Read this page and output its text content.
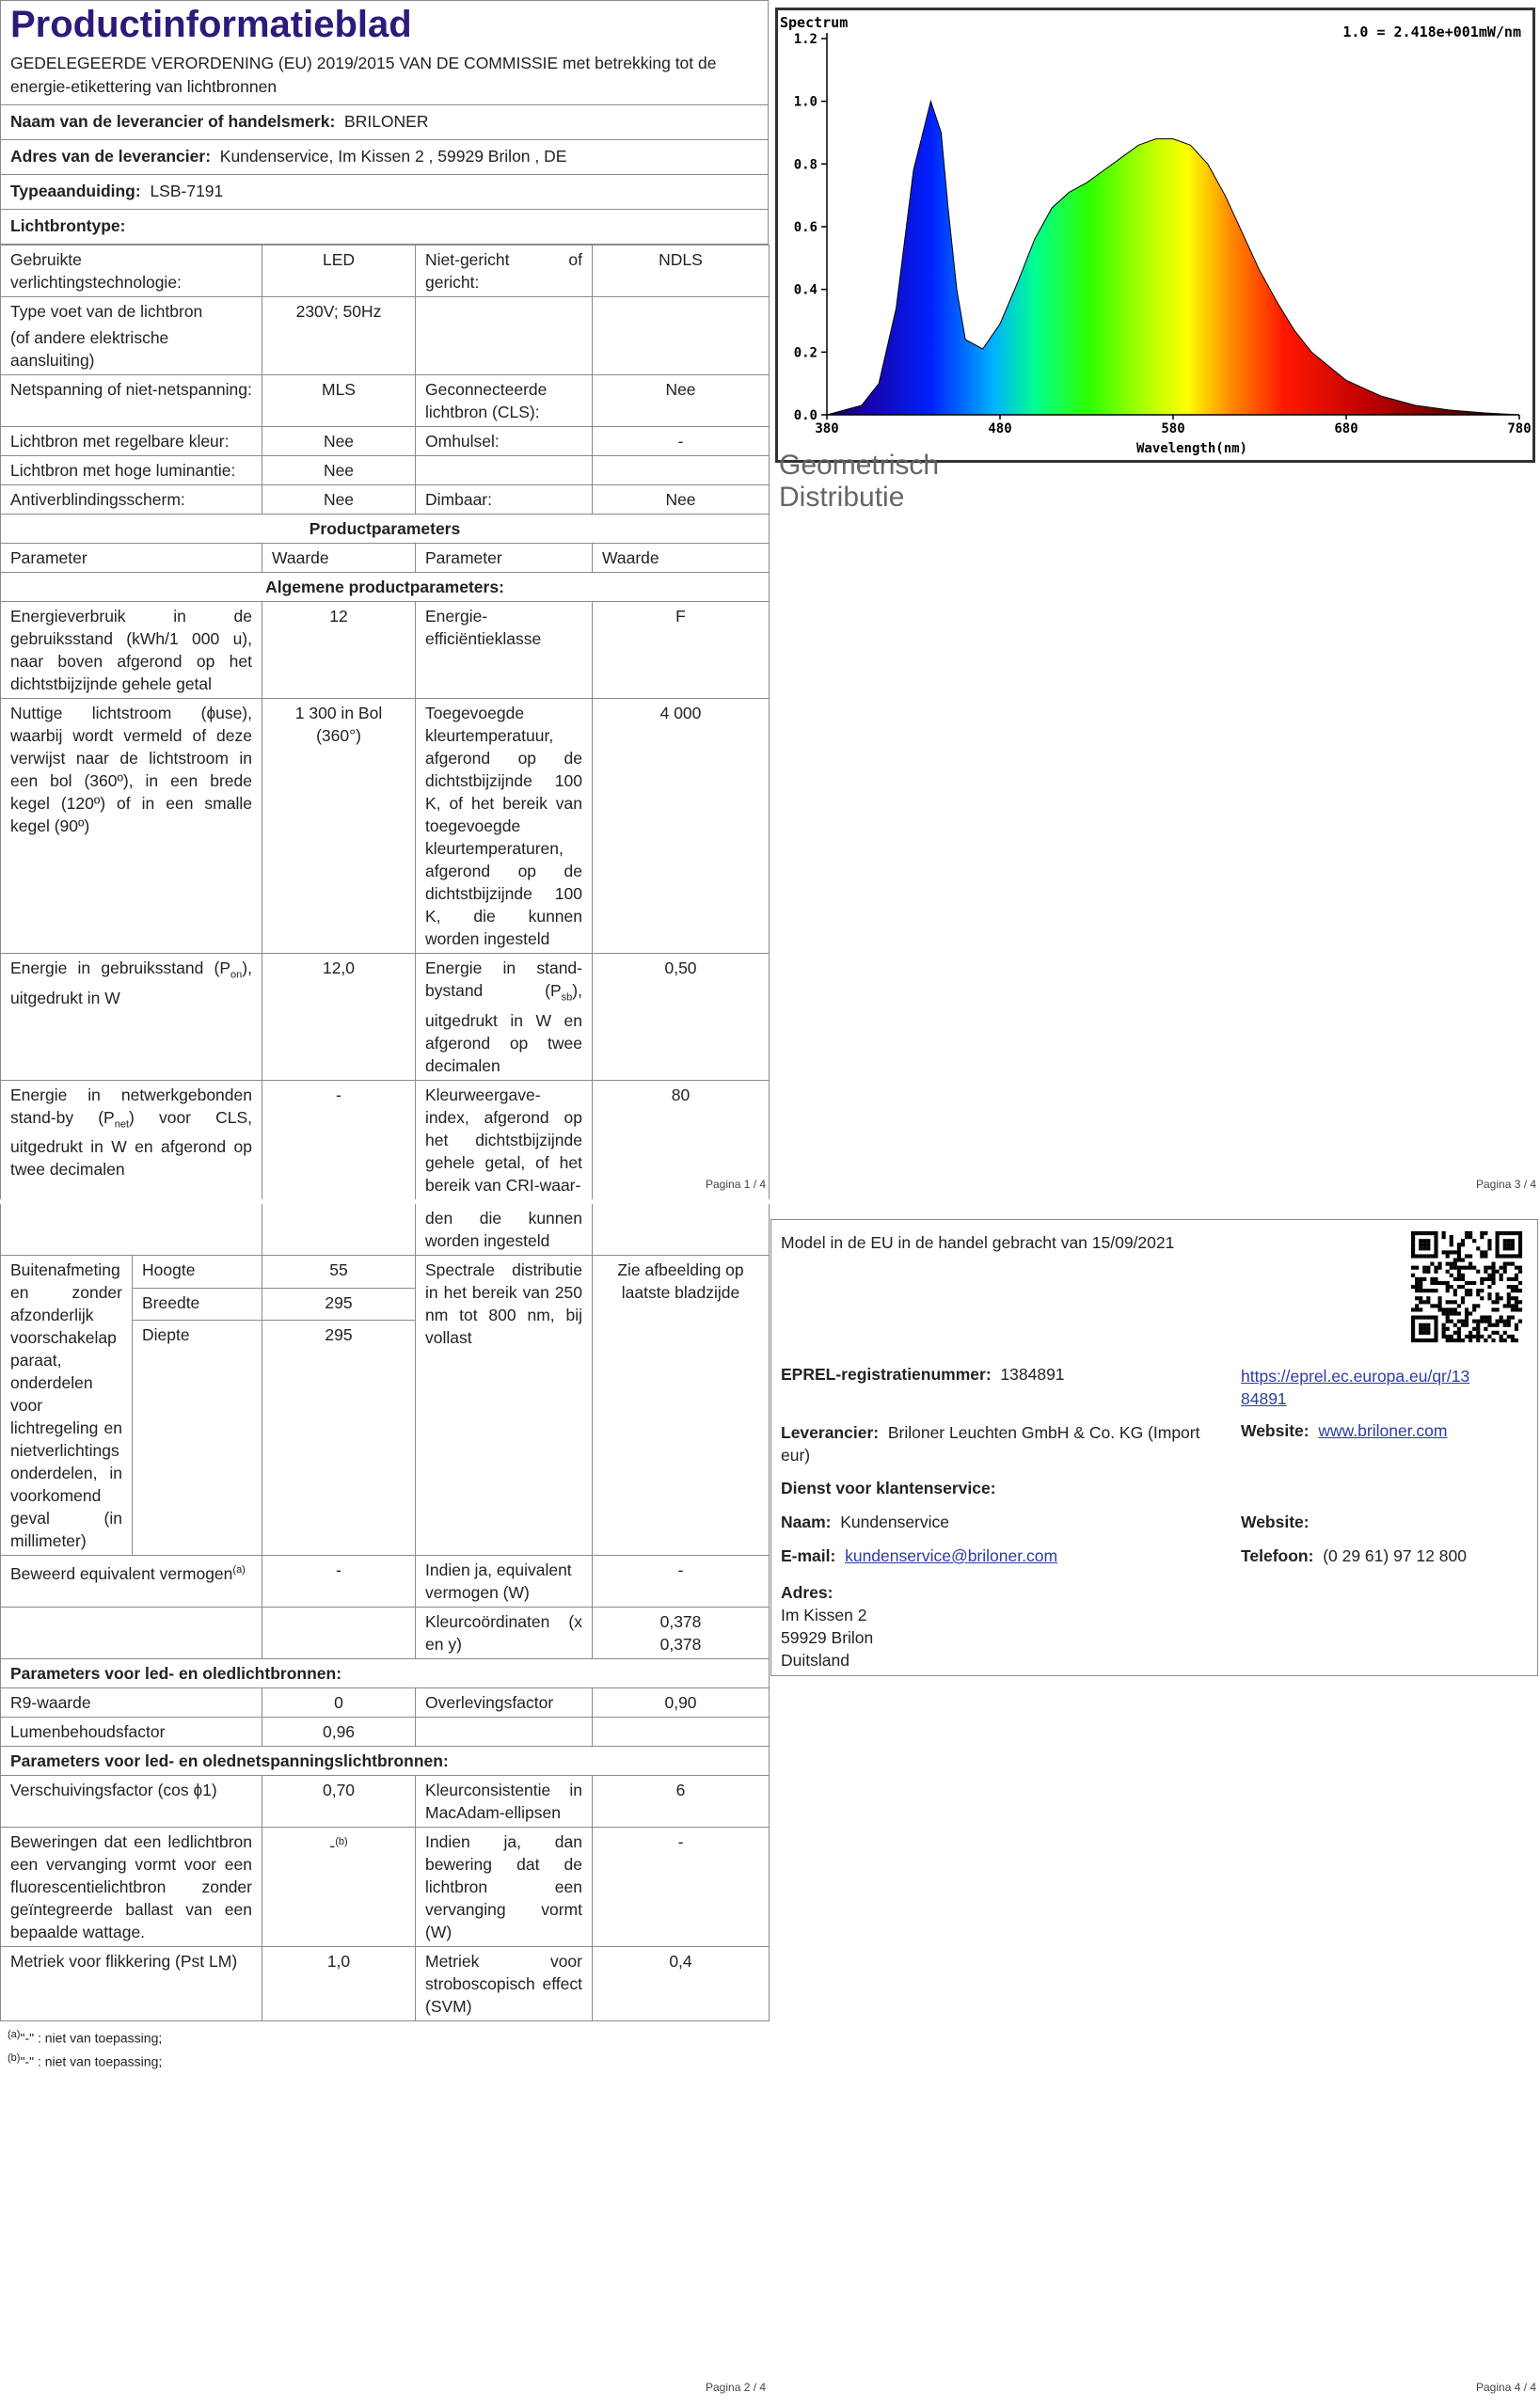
Productinformatieblad
GEDELEGEERDE VERORDENING (EU) 2019/2015 VAN DE COMMISSIE met betrekking tot de energie-etikettering van lichtbronnen
Naam van de leverancier of handelsmerk: BRILONER
Adres van de leverancier: Kundenservice, Im Kissen 2 , 59929 Brilon , DE
Typeaanduiding: LSB-7191
Lichtbrontype:
Gebruikte verlichtingstechnologie:	LED	Niet-gericht of gericht:	NDLS

Type voet van de lichtbron
(of andere elektrische aansluiting)	230V; 50Hz		
Netspanning of niet-netspanning:	MLS	Geconnecteerde lichtbron (CLS):	Nee
Lichtbron met regelbare kleur:	Nee	Omhulsel:	-
Lichtbron met hoge luminantie:	Nee		
Antiverblindingsscherm:	Nee	Dimbaar:	Nee
Productparameters			
Parameter	Waarde	Parameter	Waarde
Algemene productparameters:			
Energieverbruik in de gebruiksstand (kWh/1 000 u), naar boven afgerond op het dichtstbijzijnde gehele getal	12	Energie-efficiëntieklasse	F
Nuttige lichtstroom (ɸuse), waarbij wordt vermeld of deze verwijst naar de lichtstroom in een bol (360º), in een brede kegel (120º) of in een smalle kegel (90º)	1 300 in Bol (360°)	Toegevoegde kleurtemperatuur, afgerond op de dichtstbijzijnde 100 K, of het bereik van toegevoegde kleurtemperaturen, afgerond op de dichtstbijzijnde 100 K, die kunnen worden ingesteld	4 000
Energie in gebruiksstand $(P_{on})$, uitgedrukt in W	12,0	Energie in stand-bystand $(P_{sb})$, uitgedrukt in W en afgerond op twee decimalen	0,50
Energie in netwerkgebonden stand-by $(P_{net})$ voor CLS, uitgedrukt in W en afgerond op twee decimalen	-	Kleurweergave-index, afgerond op het dichtstbijzijnde gehele getal, of het bereik van CRI-waar-	80
Pagina 1 / 4
			den die kunnen worden ingesteld	
Buitenafmetingen zonder afzonderlijk voorschakelapparaat, onderdelen voor lichtregeling en nietverlichtingsonderdelen, in voorkomend geval (in millimeter)	Hoogte	55	Spectrale distributie in het bereik van 250 nm tot 800 nm, bij vollast	Zie afbeelding op laatste bladzijde
	Breedte	295		
	Diepte	295		

Beweerd equivalent vermogen$^{(a)}$		-	Indien ja, equivalent vermogen (W)	-
			Kleurcoördinaten (x en y)	0,378
0,378

Parameters voor led- en oledlichtbronnen:				
R9-waarde		0	Overlevingsfactor	0,90
Lumenbehoudsfactor		0,96		
Parameters voor led- en olednetspanningslichtbronnen:				
Verschuivingsfactor (cos ɸ1)		0,70	Kleurconsistentie in MacAdam-ellipsen	6
Beweringen dat een ledlichtbron een vervanging vormt voor een fluorescentielichtbron zonder geïntegreerde ballast van een bepaalde wattage.		-$^{(b)}$	Indien ja, dan bewering dat de lichtbron een vervanging vormt (W)	-
Metriek voor flikkering (Pst LM)		1,0	Metriek voor stroboscopisch effect (SVM)	0,4
$^{(a)}$"-" : niet van toepassing;
$^{(b)}$"-" : niet van toepassing;
Pagina 2 / 4
Spectrum
1.0 = 2.418e+001mW/nm
0.0
0.2
0.4
0.6
0.8
1.0
1.2
380	480	580	680	780
Wavelength(nm)
Geometrisch Distributie
Pagina 3 / 4
Model in de EU in de handel gebracht van 15/09/2021
EPREL-registratienummer: 1384891	https://eprel.ec.europa.eu/qr/13
84891
Leverancier: Briloner Leuchten GmbH & Co. KG (Import eur)
Website: www.briloner.com
Dienst voor klantenservice:
Naam: Kundenservice	Website:
E-mail: kundenservice@briloner.com	Telefoon: (0 29 61) 97 12 800
Adres:
Im Kissen 2
59929 Brilon
Duitsland
Pagina 4 / 4
